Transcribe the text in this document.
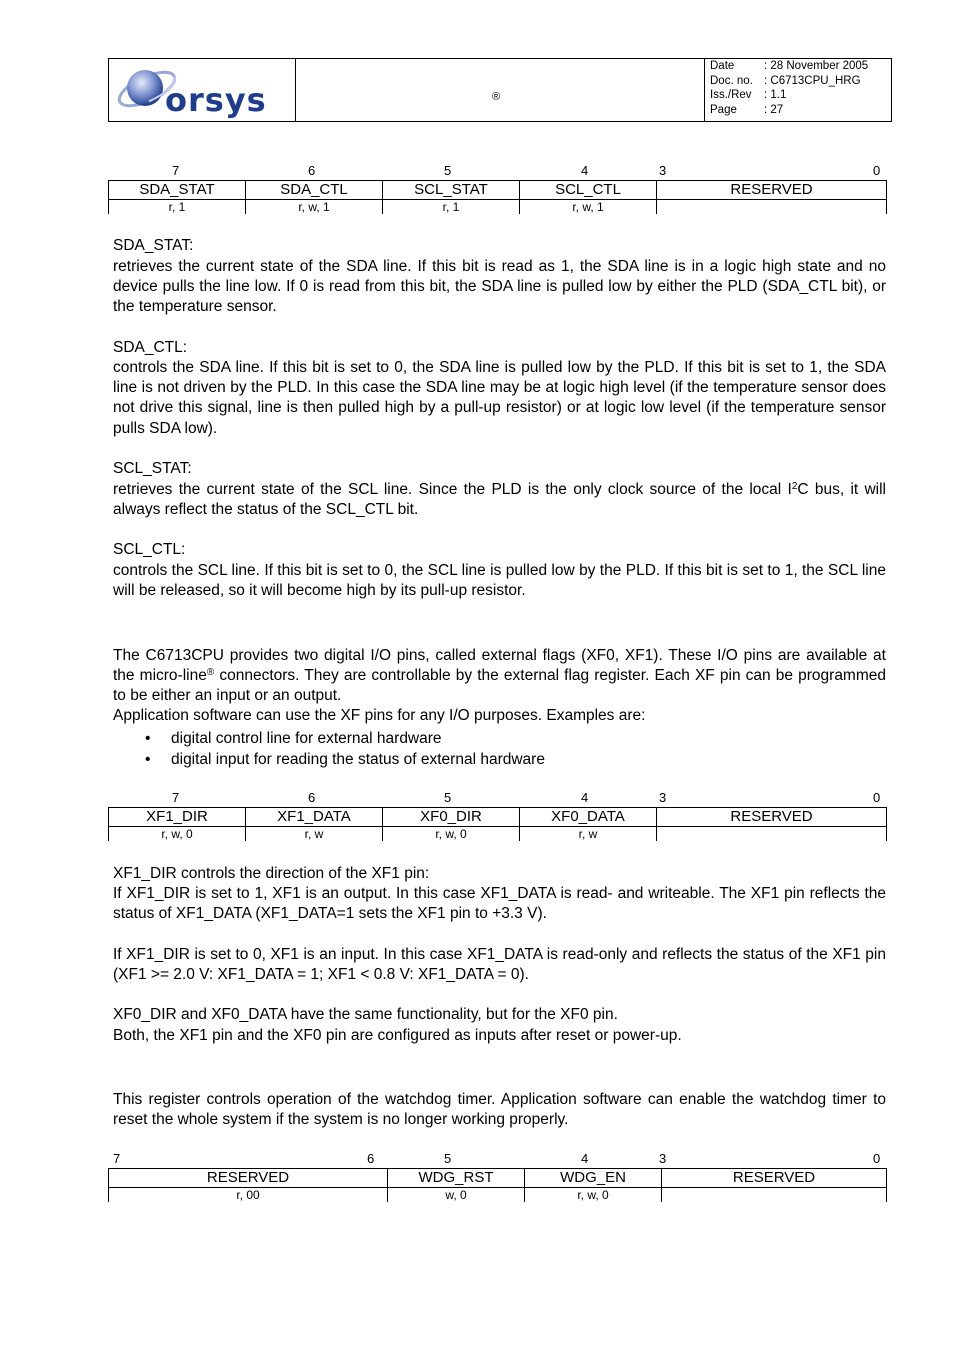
orsys	®
Date	: 28 November 2005
Doc. no. : C6713CPU_HRG
Iss./Rev	: 1.1
Page	: 27
7	6	5	4	3	0
SDA_STAT	SDA_CTL	SCL_STAT	SCL_CTL	RESERVED
r, 1	r, w, 1	r, 1	r, w, 1	
SDA_STAT:
retrieves the current state of the SDA line. If this bit is read as 1, the SDA line is in a logic high state and no device pulls the line low. If 0 is read from this bit, the SDA line is pulled low by either the PLD (SDA_CTL bit), or the temperature sensor.
SDA_CTL:
controls the SDA line. If this bit is set to 0, the SDA line is pulled low by the PLD. If this bit is set to 1, the SDA line is not driven by the PLD. In this case the SDA line may be at logic high level (if the temperature sensor does not drive this signal, line is then pulled high by a pull-up resistor) or at logic low level (if the temperature sensor pulls SDA low).
SCL_STAT:
retrieves the current state of the SCL line. Since the PLD is the only clock source of the local $I^2C$ bus, it will always reflect the status of the SCL_CTL bit.
SCL_CTL:
controls the SCL line. If this bit is set to 0, the SCL line is pulled low by the PLD. If this bit is set to 1, the SCL line will be released, so it will become high by its pull-up resistor.
The C6713CPU provides two digital I/O pins, called external flags (XF0, XF1). These I/O pins are available at the micro-line® connectors. They are controllable by the external flag register. Each XF pin can be programmed to be either an input or an output.
Application software can use the XF pins for any I/O purposes. Examples are:
• digital control line for external hardware
• digital input for reading the status of external hardware
7	6	5	4	3	0
XF1_DIR	XF1_DATA	XF0_DIR	XF0_DATA	RESERVED
r, w, 0	r, w	r, w, 0	r, w	
XF1_DIR controls the direction of the XF1 pin:
If XF1_DIR is set to 1, XF1 is an output. In this case XF1_DATA is read- and writeable. The XF1 pin reflects the status of XF1_DATA (XF1_DATA=1 sets the XF1 pin to +3.3 V).
If XF1_DIR is set to 0, XF1 is an input. In this case XF1_DATA is read-only and reflects the status of the XF1 pin (XF1 >= 2.0 V: XF1_DATA = 1; XF1 < 0.8 V: XF1_DATA = 0).
XF0_DIR and XF0_DATA have the same functionality, but for the XF0 pin.
Both, the XF1 pin and the XF0 pin are configured as inputs after reset or power-up.
This register controls operation of the watchdog timer. Application software can enable the watchdog timer to reset the whole system if the system is no longer working properly.
7	6	5	4	3	0
RESERVED	WDG_RST	WDG_EN	RESERVED
r, 00	w, 0	r, w, 0	
